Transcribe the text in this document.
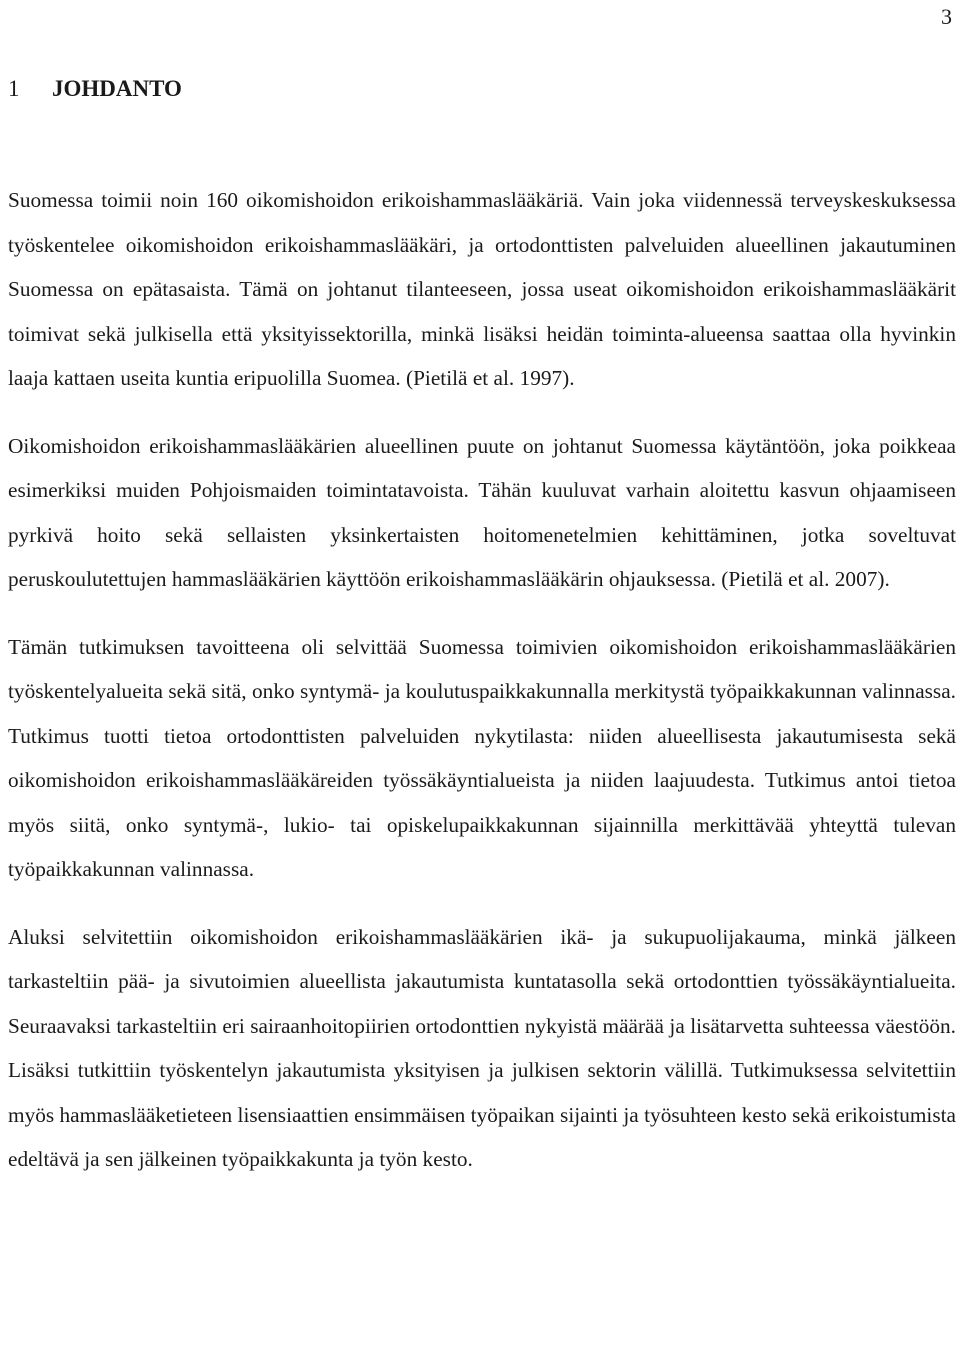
3
1 JOHDANTO

Suomessa toimii noin 160 oikomishoidon erikoishammaslääkäriä. Vain joka viidennessä terveyskeskuksessa työskentelee oikomishoidon erikoishammaslääkäri, ja ortodonttisten palveluiden alueellinen jakautuminen Suomessa on epätasaista. Tämä on johtanut tilanteeseen, jossa useat oikomishoidon erikoishammaslääkärit toimivat sekä julkisella että yksityissektorilla, minkä lisäksi heidän toiminta-alueensa saattaa olla hyvinkin laaja kattaen useita kuntia eripuolilla Suomea. (Pietilä et al. 1997).

Oikomishoidon erikoishammaslääkärien alueellinen puute on johtanut Suomessa käytäntöön, joka poikkeaa esimerkiksi muiden Pohjoismaiden toimintatavoista. Tähän kuuluvat varhain aloitettu kasvun ohjaamiseen pyrkivä hoito sekä sellaisten yksinkertaisten hoitomenetelmien kehittäminen, jotka soveltuvat peruskoulutettujen hammaslääkärien käyttöön erikoishammaslääkärin ohjauksessa. (Pietilä et al. 2007).

Tämän tutkimuksen tavoitteena oli selvittää Suomessa toimivien oikomishoidon erikoishammaslääkärien työskentelyalueita sekä sitä, onko syntymä- ja koulutuspaikkakunnalla merkitystä työpaikkakunnan valinnassa. Tutkimus tuotti tietoa ortodonttisten palveluiden nykytilasta: niiden alueellisesta jakautumisesta sekä oikomishoidon erikoishammaslääkäreiden työssäkäyntialueista ja niiden laajuudesta. Tutkimus antoi tietoa myös siitä, onko syntymä-, lukio- tai opiskelupaikkakunnan sijainnilla merkittävää yhteyttä tulevan työpaikkakunnan valinnassa.

Aluksi selvitettiin oikomishoidon erikoishammaslääkärien ikä- ja sukupuolijakauma, minkä jälkeen tarkasteltiin pää- ja sivutoimien alueellista jakautumista kuntatasolla sekä ortodonttien työssäkäyntialueita. Seuraavaksi tarkasteltiin eri sairaanhoitopiirien ortodonttien nykyistä määrää ja lisätarvetta suhteessa väestöön. Lisäksi tutkittiin työskentelyn jakautumista yksityisen ja julkisen sektorin välillä. Tutkimuksessa selvitettiin myös hammaslääketieteen lisensiaattien ensimmäisen työpaikan sijainti ja työsuhteen kesto sekä erikoistumista edeltävä ja sen jälkeinen työpaikkakunta ja työn kesto.
